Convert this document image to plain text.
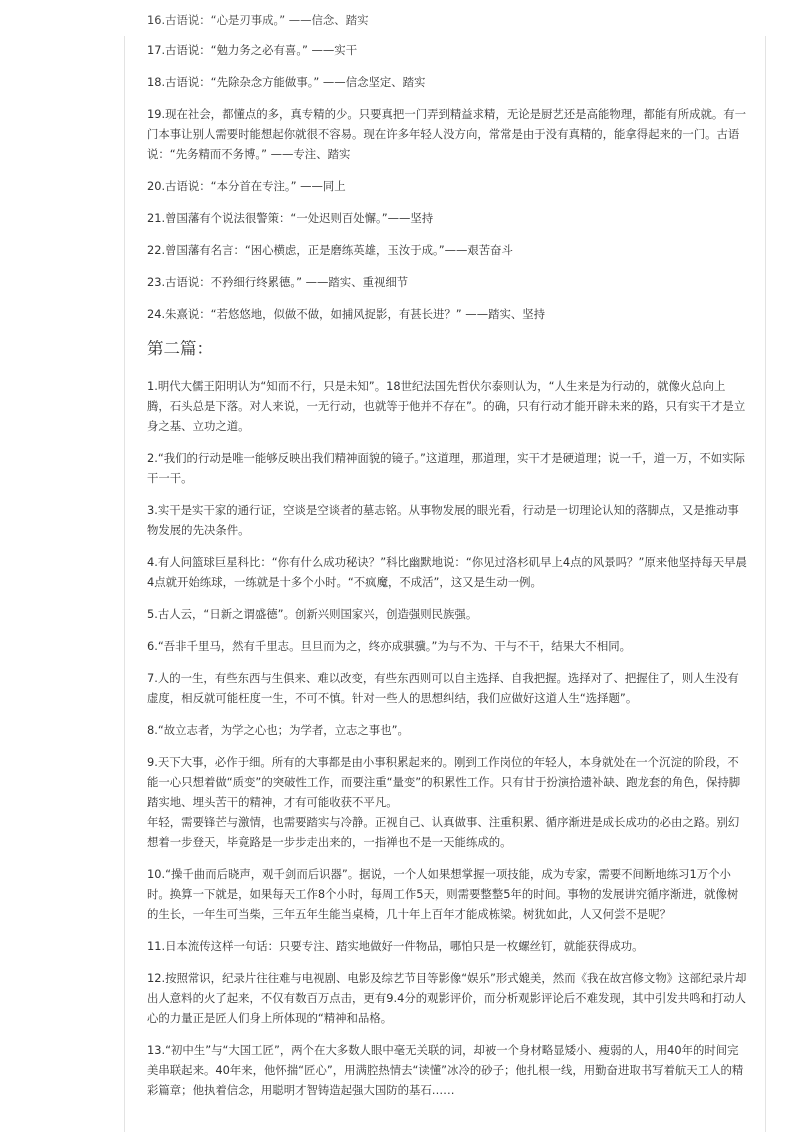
16.古语说：“心是刃事成。” ——信念、踏实

17.古语说：“勉力务之必有喜。” ——实干

18.古语说：“先除杂念方能做事。” ——信念坚定、踏实

19.现在社会，都懂点的多，真专精的少。只要真把一门弄到精益求精，无论是厨艺还是高能物理，都能有所成就。有一门本事让别人需要时能想起你就很不容易。现在许多年轻人没方向，常常是由于没有真精的，能拿得起来的一门。古语说：“先务精而不务博。” ——专注、踏实

20.古语说：“本分首在专注。” ——同上

21.曾国藩有个说法很警策：“一处迟则百处懈。”——坚持

22.曾国藩有名言：“困心横虑，正是磨练英雄，玉汝于成。”——艰苦奋斗

23.古语说：不矜细行终累德。” ——踏实、重视细节

24.朱熹说：“若悠悠地，似做不做，如捕风捉影，有甚长进？” ——踏实、坚持

第二篇：

1.明代大儒王阳明认为“知而不行，只是未知”。18世纪法国先哲伏尔泰则认为，“人生来是为行动的，就像火总向上腾，石头总是下落。对人来说，一无行动，也就等于他并不存在”。的确，只有行动才能开辟未来的路，只有实干才是立身之基、立功之道。

2.“我们的行动是唯一能够反映出我们精神面貌的镜子。”这道理，那道理，实干才是硬道理；说一千，道一万，不如实际干一干。

3.实干是实干家的通行证，空谈是空谈者的墓志铭。从事物发展的眼光看，行动是一切理论认知的落脚点，又是推动事物发展的先决条件。

4.有人问篮球巨星科比：“你有什么成功秘诀？”科比幽默地说：“你见过洛杉矶早上4点的风景吗？”原来他坚持每天早晨4点就开始练球，一练就是十多个小时。“不疯魔，不成活”，这又是生动一例。

5.古人云，“日新之谓盛德”。创新兴则国家兴，创造强则民族强。

6.“吾非千里马，然有千里志。旦旦而为之，终亦成骐骥。”为与不为、干与不干，结果大不相同。

7.人的一生，有些东西与生俱来、难以改变，有些东西则可以自主选择、自我把握。选择对了、把握住了，则人生没有虚度，相反就可能枉度一生，不可不慎。针对一些人的思想纠结，我们应做好这道人生“选择题”。

8.“故立志者，为学之心也；为学者，立志之事也”。

9.天下大事，必作于细。所有的大事都是由小事积累起来的。刚到工作岗位的年轻人，本身就处在一个沉淀的阶段，不能一心只想着做“质变”的突破性工作，而要注重“量变”的积累性工作。只有甘于扮演拾遗补缺、跑龙套的角色，保持脚踏实地、埋头苦干的精神，才有可能收获不平凡。
年轻，需要锋芒与激情，也需要踏实与冷静。正视自己、认真做事、注重积累、循序渐进是成长成功的必由之路。别幻想着一步登天，毕竟路是一步步走出来的，一指禅也不是一天能练成的。

10.“操千曲而后晓声，观千剑而后识器”。据说，一个人如果想掌握一项技能，成为专家，需要不间断地练习1万个小时。换算一下就是，如果每天工作8个小时，每周工作5天，则需要整整5年的时间。事物的发展讲究循序渐进，就像树的生长，一年生可当柴，三年五年生能当桌椅，几十年上百年才能成栋梁。树犹如此，人又何尝不是呢？

11.日本流传这样一句话：只要专注、踏实地做好一件物品，哪怕只是一枚螺丝钉，就能获得成功。

12.按照常识，纪录片往往难与电视剧、电影及综艺节目等影像“娱乐”形式媲美，然而《我在故宫修文物》这部纪录片却出人意料的火了起来，不仅有数百万点击，更有9.4分的观影评价，而分析观影评论后不难发现，其中引发共鸣和打动人心的力量正是匠人们身上所体现的“精神和品格。

13.“初中生”与“大国工匠”，两个在大多数人眼中毫无关联的词，却被一个身材略显矮小、瘦弱的人，用40年的时间完美串联起来。40年来，他怀揣“匠心”，用满腔热情去“读懂”冰冷的砂子；他扎根一线，用勤奋进取书写着航天工人的精彩篇章；他执着信念，用聪明才智铸造起强大国防的基石……
